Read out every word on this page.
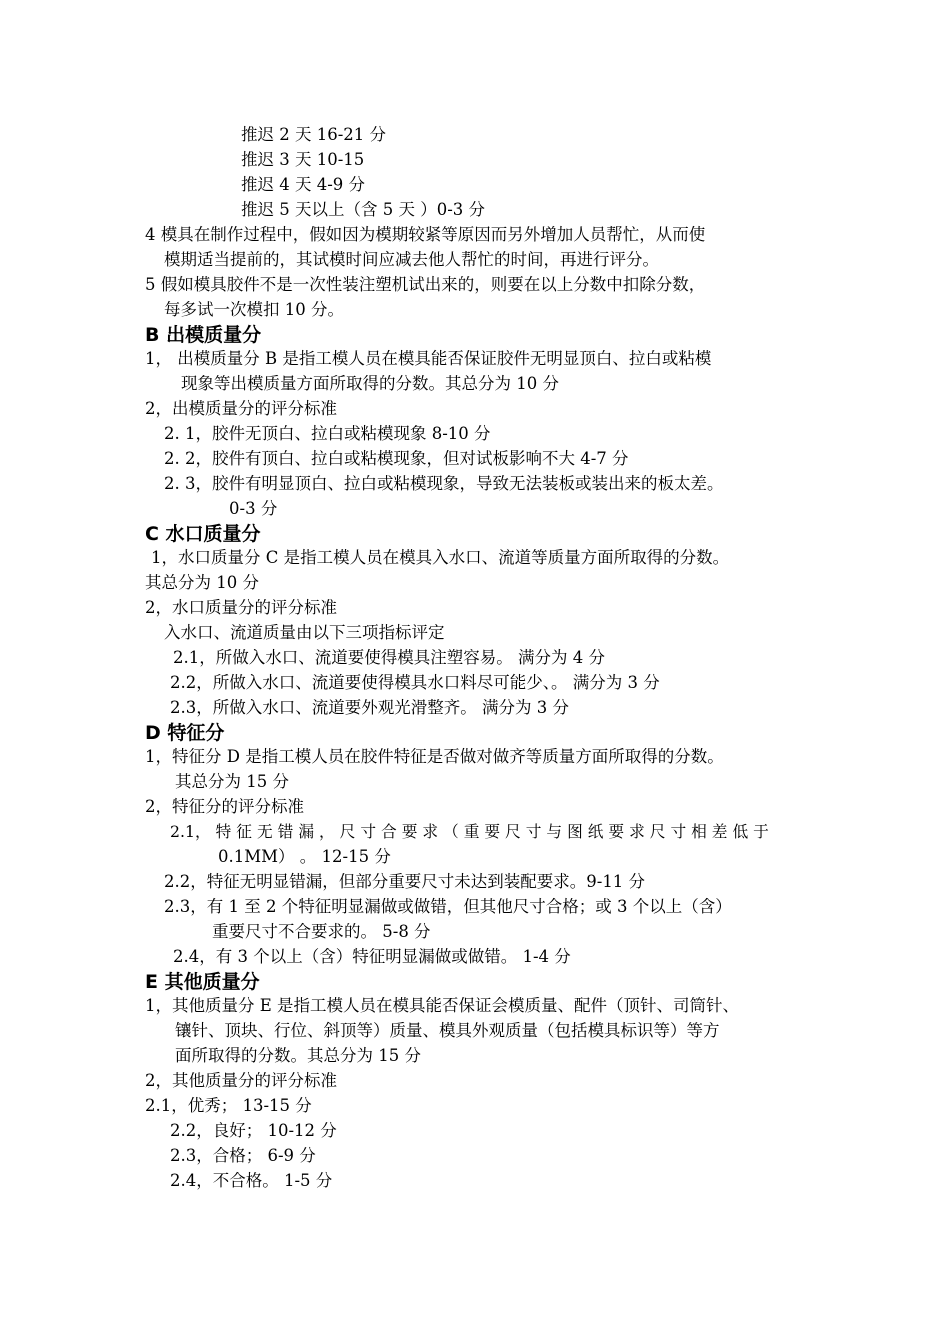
推迟 2 天 16-21 分
推迟 3 天 10-15
推迟 4 天 4-9 分
推迟 5 天以上（含 5 天 ）0-3 分
4 模具在制作过程中，假如因为模期较紧等原因而另外增加人员帮忙，从而使
模期适当提前的，其试模时间应减去他人帮忙的时间，再进行评分。
5 假如模具胶件不是一次性装注塑机试出来的，则要在以上分数中扣除分数，
每多试一次模扣 10 分。
B 出模质量分
1， 出模质量分 B 是指工模人员在模具能否保证胶件无明显顶白、拉白或粘模
现象等出模质量方面所取得的分数。其总分为 10 分
2，出模质量分的评分标准
2. 1，胶件无顶白、拉白或粘模现象 8-10 分
2. 2，胶件有顶白、拉白或粘模现象，但对试板影响不大 4-7 分
2. 3，胶件有明显顶白、拉白或粘模现象，导致无法装板或装出来的板太差。
0-3 分
C 水口质量分
1，水口质量分 C 是指工模人员在模具入水口、流道等质量方面所取得的分数。
其总分为 10 分
2，水口质量分的评分标准
入水口、流道质量由以下三项指标评定
2.1，所做入水口、流道要使得模具注塑容易。 满分为 4 分
2.2，所做入水口、流道要使得模具水口料尽可能少、。 满分为 3 分
2.3，所做入水口、流道要外观光滑整齐。 满分为 3 分
D 特征分
1，特征分 D 是指工模人员在胶件特征是否做对做齐等质量方面所取得的分数。
其总分为 15 分
2，特征分的评分标准
2.1， 特 征 无 错 漏 ， 尺 寸 合 要 求 （ 重 要 尺 寸 与 图 纸 要 求 尺 寸 相 差 低 于
0.1MM） 。 12-15 分
2.2，特征无明显错漏，但部分重要尺寸未达到装配要求。9-11 分
2.3，有 1 至 2 个特征明显漏做或做错，但其他尺寸合格；或 3 个以上（含）
重要尺寸不合要求的。 5-8 分
2.4，有 3 个以上（含）特征明显漏做或做错。 1-4 分
E 其他质量分
1，其他质量分 E 是指工模人员在模具能否保证会模质量、配件（顶针、司筒针、
镶针、顶块、行位、斜顶等）质量、模具外观质量（包括模具标识等）等方
面所取得的分数。其总分为 15 分
2，其他质量分的评分标准
2.1，优秀； 13-15 分
2.2，良好； 10-12 分
2.3，合格； 6-9 分
2.4，不合格。 1-5 分
